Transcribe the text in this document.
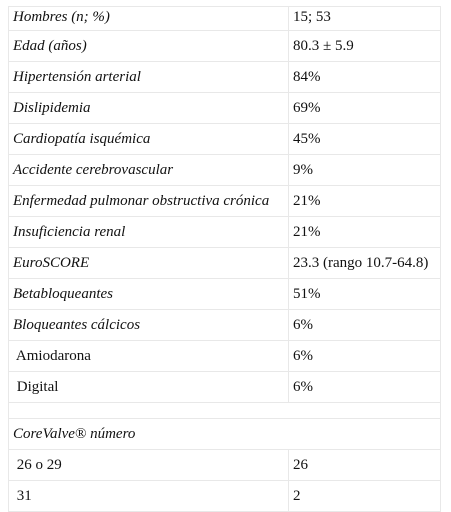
Hombres (n; %)	15; 53
Edad (años)	80.3 ± 5.9
Hipertensión arterial	84%
Dislipidemia	69%
Cardiopatía isquémica	45%
Accidente cerebrovascular	9%
Enfermedad pulmonar obstructiva crónica	21%
Insuficiencia renal	21%
EuroSCORE	23.3 (rango 10.7-64.8)
Betabloqueantes	51%
Bloqueantes cálcicos	6%
Amiodarona	6%
Digital	6%

CoreValve® número	
26 o 29	26
31	2
